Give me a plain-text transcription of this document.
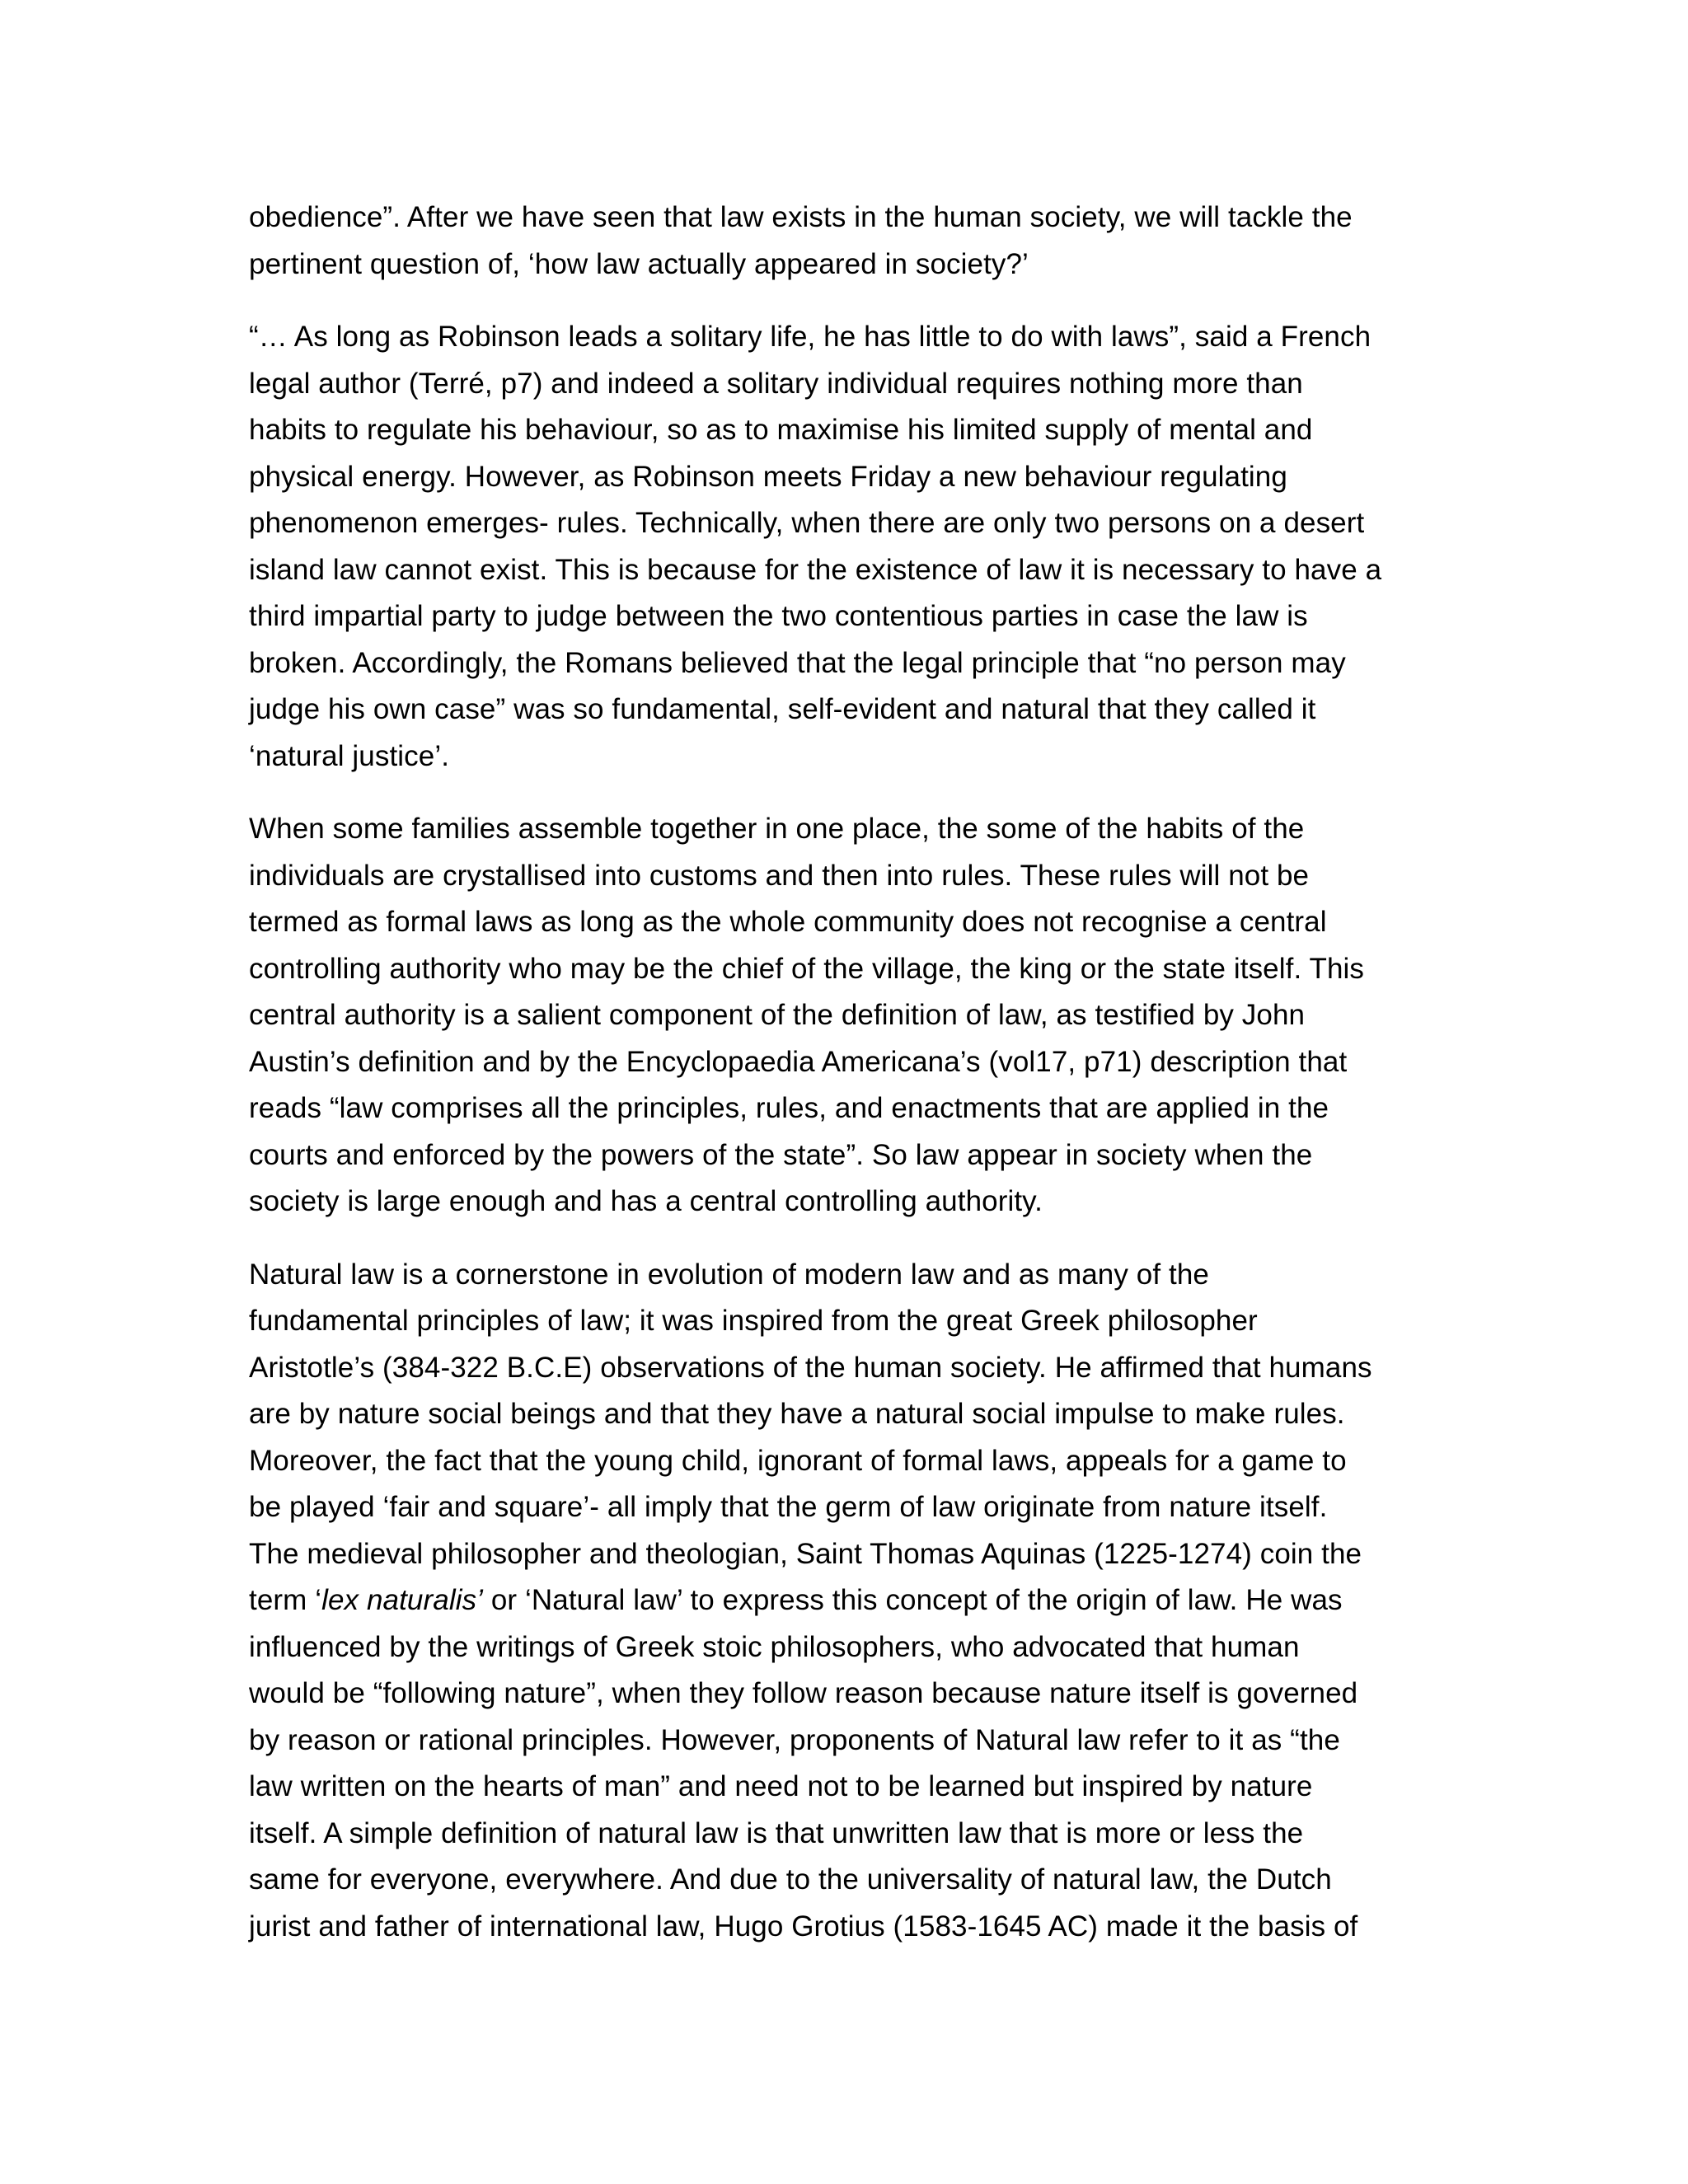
obedience”. After we have seen that law exists in the human society, we will tackle the
pertinent question of, ‘how law actually appeared in society?’

“… As long as Robinson leads a solitary life, he has little to do with laws”, said a French
legal author (Terré, p7) and indeed a solitary individual requires nothing more than
habits to regulate his behaviour, so as to maximise his limited supply of mental and
physical energy. However, as Robinson meets Friday a new behaviour regulating
phenomenon emerges- rules. Technically, when there are only two persons on a desert
island law cannot exist. This is because for the existence of law it is necessary to have a
third impartial party to judge between the two contentious parties in case the law is
broken. Accordingly, the Romans believed that the legal principle that “no person may
judge his own case” was so fundamental, self-evident and natural that they called it
‘natural justice’.

When some families assemble together in one place, the some of the habits of the
individuals are crystallised into customs and then into rules. These rules will not be
termed as formal laws as long as the whole community does not recognise a central
controlling authority who may be the chief of the village, the king or the state itself. This
central authority is a salient component of the definition of law, as testified by John
Austin’s definition and by the Encyclopaedia Americana’s (vol17, p71) description that
reads “law comprises all the principles, rules, and enactments that are applied in the
courts and enforced by the powers of the state”. So law appear in society when the
society is large enough and has a central controlling authority.

Natural law is a cornerstone in evolution of modern law and as many of the
fundamental principles of law; it was inspired from the great Greek philosopher
Aristotle’s (384-322 B.C.E) observations of the human society. He affirmed that humans
are by nature social beings and that they have a natural social impulse to make rules.
Moreover, the fact that the young child, ignorant of formal laws, appeals for a game to
be played ‘fair and square’- all imply that the germ of law originate from nature itself.
The medieval philosopher and theologian, Saint Thomas Aquinas (1225-1274) coin the
term ‘lex naturalis’ or ‘Natural law’ to express this concept of the origin of law. He was
influenced by the writings of Greek stoic philosophers, who advocated that human
would be “following nature”, when they follow reason because nature itself is governed
by reason or rational principles. However, proponents of Natural law refer to it as “the
law written on the hearts of man” and need not to be learned but inspired by nature
itself. A simple definition of natural law is that unwritten law that is more or less the
same for everyone, everywhere. And due to the universality of natural law, the Dutch
jurist and father of international law, Hugo Grotius (1583-1645 AC) made it the basis of
